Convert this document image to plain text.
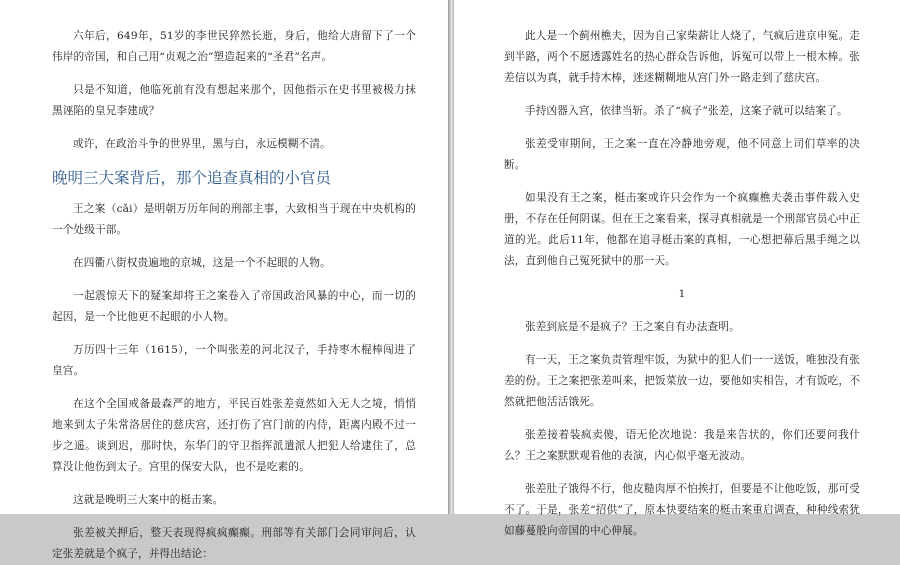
六年后，649年，51岁的李世民猝然长逝，身后，他给大唐留下了一个伟岸的帝国，和自己用“贞观之治”塑造起来的“圣君”名声。

只是不知道，他临死前有没有想起来那个，因他指示在史书里被极力抹黑诬陷的皇兄李建成？

或许，在政治斗争的世界里，黑与白，永远模糊不清。

晚明三大案背后，那个追查真相的小官员

王之案（cǎi）是明朝万历年间的刑部主事，大致相当于现在中央机构的一个处级干部。

在四衢八街权贵遍地的京城，这是一个不起眼的人物。

一起震惊天下的疑案却将王之案卷入了帝国政治风暴的中心，而一切的起因，是一个比他更不起眼的小人物。

万历四十三年（1615），一个叫张差的河北汉子，手持枣木棍棒闯进了皇宫。

在这个全国戒备最森严的地方，平民百姓张差竟然如入无人之境，悄悄地来到太子朱常洛居住的慈庆宫，还打伤了宫门前的内侍，距离内殿不过一步之遥。谈到迟，那时快，东华门的守卫指挥派遣派人把犯人给逮住了，总算没让他伤到太子。宫里的保安大队，也不是吃素的。

这就是晚明三大案中的梃击案。

张差被关押后，整天表现得疯疯癫癫。刑部等有关部门会同审问后，认定张差就是个疯子，并得出结论：

此人是一个蓟州樵夫，因为自己家柴薪让人烧了，气疯后进京申冤。走到半路，两个不愿透露姓名的热心群众告诉他，诉冤可以带上一根木棒。张差信以为真，就手持木棒，迷迷糊糊地从宫门外一路走到了慈庆宫。

手持凶器入宫，依律当斩。杀了“疯子”张差，这案子就可以结案了。

张差受审期间，王之案一直在冷静地旁观，他不同意上司们草率的决断。

如果没有王之案，梃击案或许只会作为一个疯癫樵夫袭击事件载入史册，不存在任何阴谋。但在王之案看来，探寻真相就是一个刑部官员心中正道的光。此后11年，他都在追寻梃击案的真相，一心想把幕后黑手绳之以法，直到他自己冤死狱中的那一天。

1

张差到底是不是疯子？王之案自有办法查明。

有一天，王之案负责管理牢饭，为狱中的犯人们一一送饭，唯独没有张差的份。王之案把张差叫来，把饭菜放一边，要他如实相告，才有饭吃，不然就把他活活饿死。

张差接着装疯卖傻，语无伦次地说：我是来告状的，你们还要问我什么？王之案默默观看他的表演，内心似乎毫无波动。

张差肚子饿得不行，他皮糙肉厚不怕挨打，但要是不让他吃饭，那可受不了。于是，张差“招供”了，原本快要结案的梃击案重启调查，种种线索犹如藤蔓般向帝国的中心伸展。
